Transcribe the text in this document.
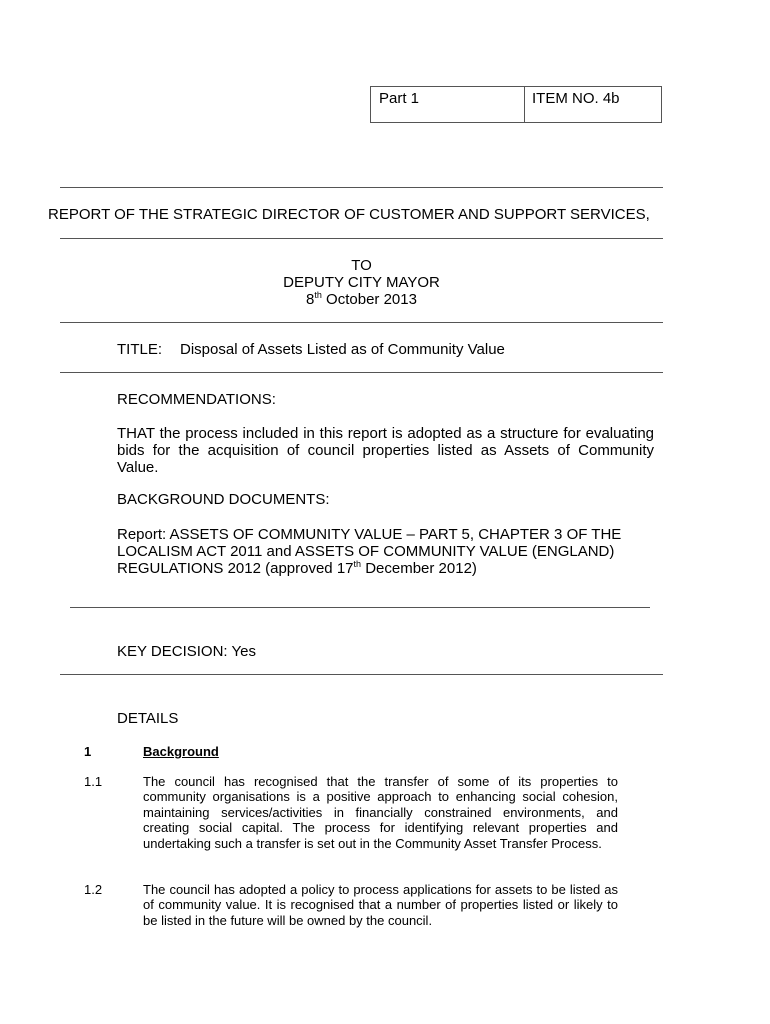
Part 1	ITEM NO. 4b
REPORT OF THE STRATEGIC DIRECTOR OF CUSTOMER AND SUPPORT SERVICES,
TO
DEPUTY CITY MAYOR
8th October 2013
TITLE: Disposal of Assets Listed as of Community Value
RECOMMENDATIONS:
THAT the process included in this report is adopted as a structure for evaluating bids for the acquisition of council properties listed as Assets of Community Value.
BACKGROUND DOCUMENTS:
Report: ASSETS OF COMMUNITY VALUE – PART 5, CHAPTER 3 OF THE
LOCALISM ACT 2011 and ASSETS OF COMMUNITY VALUE (ENGLAND)
REGULATIONS 2012 (approved 17th December 2012)
KEY DECISION: Yes
DETAILS
1	Background
1.1	The council has recognised that the transfer of some of its properties to community organisations is a positive approach to enhancing social cohesion, maintaining services/activities in financially constrained environments, and creating social capital. The process for identifying relevant properties and undertaking such a transfer is set out in the Community Asset Transfer Process.
1.2	The council has adopted a policy to process applications for assets to be listed as of community value. It is recognised that a number of properties listed or likely to be listed in the future will be owned by the council.
